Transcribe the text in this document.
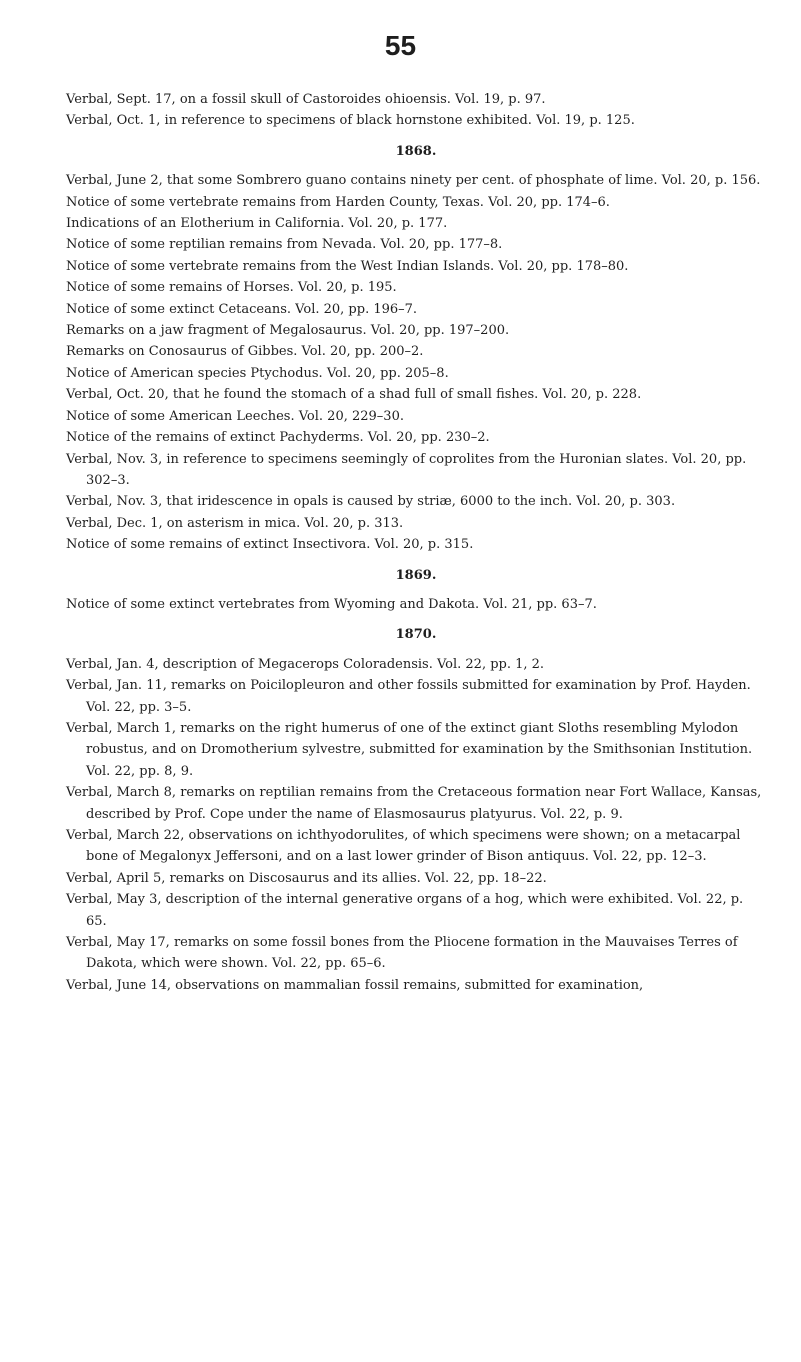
55

Verbal, Sept. 17, on a fossil skull of Castoroides ohioensis. Vol. 19, p. 97.

Verbal, Oct. 1, in reference to specimens of black hornstone exhibited. Vol. 19, p. 125.

1868.

Verbal, June 2, that some Sombrero guano contains ninety per cent. of phosphate of lime. Vol. 20, p. 156.

Notice of some vertebrate remains from Harden County, Texas. Vol. 20, pp. 174–6.

Indications of an Elotherium in California. Vol. 20, p. 177.

Notice of some reptilian remains from Nevada. Vol. 20, pp. 177–8.

Notice of some vertebrate remains from the West Indian Islands. Vol. 20, pp. 178–80.

Notice of some remains of Horses. Vol. 20, p. 195.

Notice of some extinct Cetaceans. Vol. 20, pp. 196–7.

Remarks on a jaw fragment of Megalosaurus. Vol. 20, pp. 197–200.

Remarks on Conosaurus of Gibbes. Vol. 20, pp. 200–2.

Notice of American species Ptychodus. Vol. 20, pp. 205–8.

Verbal, Oct. 20, that he found the stomach of a shad full of small fishes. Vol. 20, p. 228.

Notice of some American Leeches. Vol. 20, 229–30.

Notice of the remains of extinct Pachyderms. Vol. 20, pp. 230–2.

Verbal, Nov. 3, in reference to specimens seemingly of coprolites from the Huronian slates. Vol. 20, pp. 302–3.

Verbal, Nov. 3, that iridescence in opals is caused by striæ, 6000 to the inch. Vol. 20, p. 303.

Verbal, Dec. 1, on asterism in mica. Vol. 20, p. 313.

Notice of some remains of extinct Insectivora. Vol. 20, p. 315.

1869.

Notice of some extinct vertebrates from Wyoming and Dakota. Vol. 21, pp. 63–7.

1870.

Verbal, Jan. 4, description of Megacerops Coloradensis. Vol. 22, pp. 1, 2.

Verbal, Jan. 11, remarks on Poicilopleuron and other fossils submitted for examination by Prof. Hayden. Vol. 22, pp. 3–5.

Verbal, March 1, remarks on the right humerus of one of the extinct giant Sloths resembling Mylodon robustus, and on Dromotherium sylvestre, submitted for examination by the Smithsonian Institution. Vol. 22, pp. 8, 9.

Verbal, March 8, remarks on reptilian remains from the Cretaceous formation near Fort Wallace, Kansas, described by Prof. Cope under the name of Elasmosaurus platyurus. Vol. 22, p. 9.

Verbal, March 22, observations on ichthyodorulites, of which specimens were shown; on a metacarpal bone of Megalonyx Jeffersoni, and on a last lower grinder of Bison antiquus. Vol. 22, pp. 12–3.

Verbal, April 5, remarks on Discosaurus and its allies. Vol. 22, pp. 18–22.

Verbal, May 3, description of the internal generative organs of a hog, which were exhibited. Vol. 22, p. 65.

Verbal, May 17, remarks on some fossil bones from the Pliocene formation in the Mauvaises Terres of Dakota, which were shown. Vol. 22, pp. 65–6.

Verbal, June 14, observations on mammalian fossil remains, submitted for examination,
